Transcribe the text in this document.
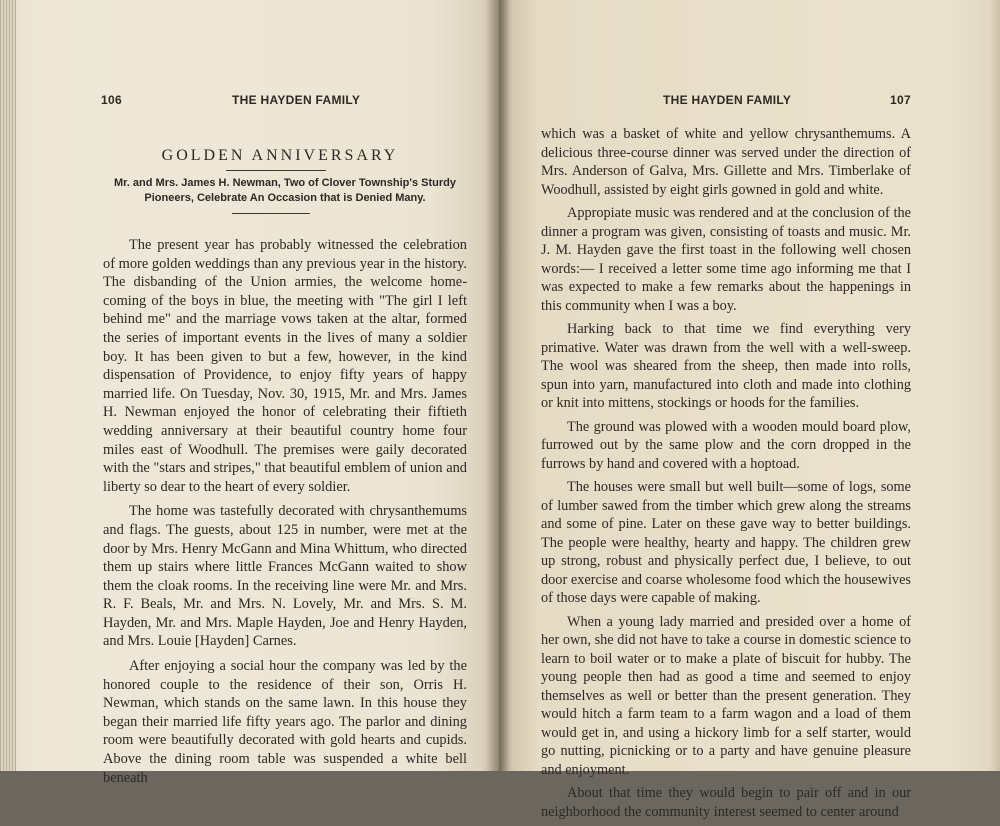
106	THE HAYDEN FAMILY
GOLDEN ANNIVERSARY
Mr. and Mrs. James H. Newman, Two of Clover Township's Sturdy Pioneers, Celebrate An Occasion that is Denied Many.

The present year has probably witnessed the celebration of more golden weddings than any previous year in the history. The disbanding of the Union armies, the welcome home-coming of the boys in blue, the meeting with "The girl I left behind me" and the marriage vows taken at the altar, formed the series of important events in the lives of many a soldier boy. It has been given to but a few, however, in the kind dispensation of Providence, to enjoy fifty years of happy married life. On Tuesday, Nov. 30, 1915, Mr. and Mrs. James H. Newman enjoyed the honor of celebrating their fiftieth wedding anniversary at their beautiful country home four miles east of Woodhull. The premises were gaily decorated with the "stars and stripes," that beautiful emblem of union and liberty so dear to the heart of every soldier.

The home was tastefully decorated with chrysanthemums and flags. The guests, about 125 in number, were met at the door by Mrs. Henry McGann and Mina Whittum, who directed them up stairs where little Frances McGann waited to show them the cloak rooms. In the receiving line were Mr. and Mrs. R. F. Beals, Mr. and Mrs. N. Lovely, Mr. and Mrs. S. M. Hayden, Mr. and Mrs. Maple Hayden, Joe and Henry Hayden, and Mrs. Louie [Hayden] Carnes.

After enjoying a social hour the company was led by the honored couple to the residence of their son, Orris H. Newman, which stands on the same lawn. In this house they began their married life fifty years ago. The parlor and dining room were beautifully decorated with gold hearts and cupids. Above the dining room table was suspended a white bell beneath

THE HAYDEN FAMILY	107

which was a basket of white and yellow chrysanthemums. A delicious three-course dinner was served under the direction of Mrs. Anderson of Galva, Mrs. Gillette and Mrs. Timberlake of Woodhull, assisted by eight girls gowned in gold and white.

Appropiate music was rendered and at the conclusion of the dinner a program was given, consisting of toasts and music. Mr. J. M. Hayden gave the first toast in the following well chosen words:— I received a letter some time ago informing me that I was expected to make a few remarks about the happenings in this community when I was a boy.

Harking back to that time we find everything very primative. Water was drawn from the well with a well-sweep. The wool was sheared from the sheep, then made into rolls, spun into yarn, manufactured into cloth and made into clothing or knit into mittens, stockings or hoods for the families.

The ground was plowed with a wooden mould board plow, furrowed out by the same plow and the corn dropped in the furrows by hand and covered with a hoptoad.

The houses were small but well built—some of logs, some of lumber sawed from the timber which grew along the streams and some of pine. Later on these gave way to better buildings. The people were healthy, hearty and happy. The children grew up strong, robust and physically perfect due, I believe, to out door exercise and coarse wholesome food which the housewives of those days were capable of making.

When a young lady married and presided over a home of her own, she did not have to take a course in domestic science to learn to boil water or to make a plate of biscuit for hubby. The young people then had as good a time and seemed to enjoy themselves as well or better than the present generation. They would hitch a farm team to a farm wagon and a load of them would get in, and using a hickory limb for a self starter, would go nutting, picnicking or to a party and have genuine pleasure and enjoyment.

About that time they would begin to pair off and in our neighborhood the community interest seemed to center around
